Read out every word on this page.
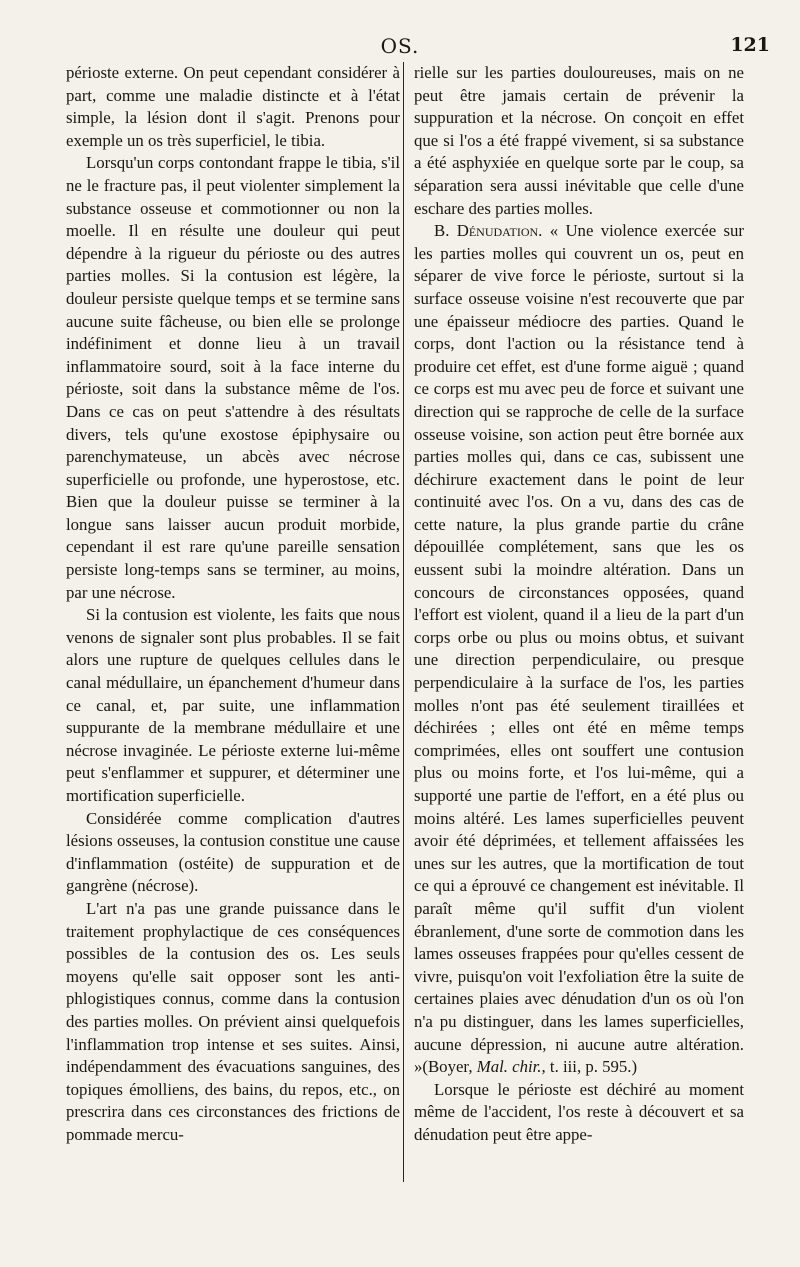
OS.	121

périoste externe. On peut cependant considérer à part, comme une maladie distincte et à l'état simple, la lésion dont il s'agit. Prenons pour exemple un os très superficiel, le tibia.

Lorsqu'un corps contondant frappe le tibia, s'il ne le fracture pas, il peut violenter simplement la substance osseuse et commotionner ou non la moelle. Il en résulte une douleur qui peut dépendre à la rigueur du périoste ou des autres parties molles. Si la contusion est légère, la douleur persiste quelque temps et se termine sans aucune suite fâcheuse, ou bien elle se prolonge indéfiniment et donne lieu à un travail inflammatoire sourd, soit à la face interne du périoste, soit dans la substance même de l'os. Dans ce cas on peut s'attendre à des résultats divers, tels qu'une exostose épiphysaire ou parenchymateuse, un abcès avec nécrose superficielle ou profonde, une hyperostose, etc. Bien que la douleur puisse se terminer à la longue sans laisser aucun produit morbide, cependant il est rare qu'une pareille sensation persiste long-temps sans se terminer, au moins, par une nécrose.

Si la contusion est violente, les faits que nous venons de signaler sont plus probables. Il se fait alors une rupture de quelques cellules dans le canal médullaire, un épanchement d'humeur dans ce canal, et, par suite, une inflammation suppurante de la membrane médullaire et une nécrose invaginée. Le périoste externe lui-même peut s'enflammer et suppurer, et déterminer une mortification superficielle.

Considérée comme complication d'autres lésions osseuses, la contusion constitue une cause d'inflammation (ostéite) de suppuration et de gangrène (nécrose).

L'art n'a pas une grande puissance dans le traitement prophylactique de ces conséquences possibles de la contusion des os. Les seuls moyens qu'elle sait opposer sont les anti-phlogistiques connus, comme dans la contusion des parties molles. On prévient ainsi quelquefois l'inflammation trop intense et ses suites. Ainsi, indépendamment des évacuations sanguines, des topiques émolliens, des bains, du repos, etc., on prescrira dans ces circonstances des frictions de pommade mercu-

rielle sur les parties douloureuses, mais on ne peut être jamais certain de prévenir la suppuration et la nécrose. On conçoit en effet que si l'os a été frappé vivement, si sa substance a été asphyxiée en quelque sorte par le coup, sa séparation sera aussi inévitable que celle d'une eschare des parties molles.

B. Dénudation. « Une violence exercée sur les parties molles qui couvrent un os, peut en séparer de vive force le périoste, surtout si la surface osseuse voisine n'est recouverte que par une épaisseur médiocre des parties. Quand le corps, dont l'action ou la résistance tend à produire cet effet, est d'une forme aiguë ; quand ce corps est mu avec peu de force et suivant une direction qui se rapproche de celle de la surface osseuse voisine, son action peut être bornée aux parties molles qui, dans ce cas, subissent une déchirure exactement dans le point de leur continuité avec l'os. On a vu, dans des cas de cette nature, la plus grande partie du crâne dépouillée complétement, sans que les os eussent subi la moindre altération. Dans un concours de circonstances opposées, quand l'effort est violent, quand il a lieu de la part d'un corps orbe ou plus ou moins obtus, et suivant une direction perpendiculaire, ou presque perpendiculaire à la surface de l'os, les parties molles n'ont pas été seulement tiraillées et déchirées ; elles ont été en même temps comprimées, elles ont souffert une contusion plus ou moins forte, et l'os lui-même, qui a supporté une partie de l'effort, en a été plus ou moins altéré. Les lames superficielles peuvent avoir été déprimées, et tellement affaissées les unes sur les autres, que la mortification de tout ce qui a éprouvé ce changement est inévitable. Il paraît même qu'il suffit d'un violent ébranlement, d'une sorte de commotion dans les lames osseuses frappées pour qu'elles cessent de vivre, puisqu'on voit l'exfoliation être la suite de certaines plaies avec dénudation d'un os où l'on n'a pu distinguer, dans les lames superficielles, aucune dépression, ni aucune autre altération. »(Boyer, Mal. chir., t. iii, p. 595.)

Lorsque le périoste est déchiré au moment même de l'accident, l'os reste à découvert et sa dénudation peut être appe-
